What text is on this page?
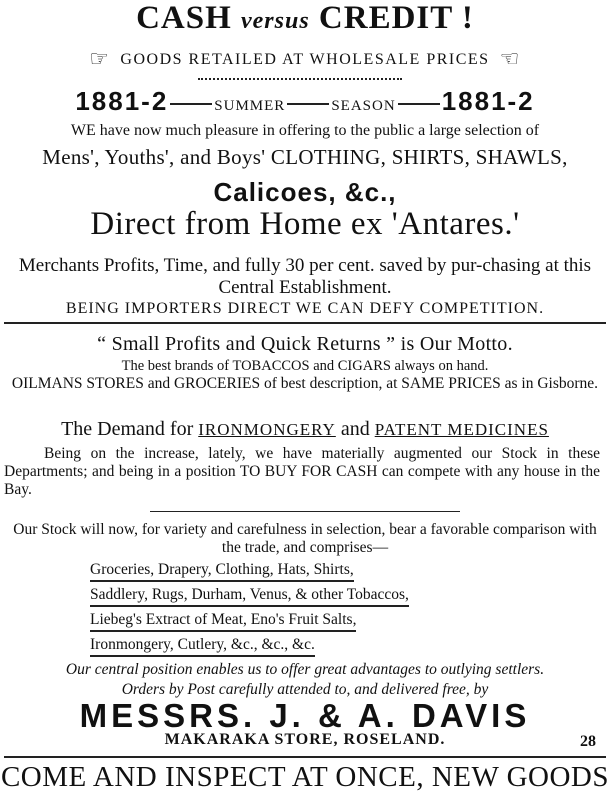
CASH versus CREDIT !
☞ GOODS RETAILED AT WHOLESALE PRICES ☜
1881-2	SUMMER	SEASON 1881-2
WE have now much pleasure in offering to the public a large selection of
Mens', Youths', and Boys' CLOTHING, SHIRTS, SHAWLS,
Calicoes, &c.,
Direct from Home ex 'Antares.'
Merchants Profits, Time, and fully 30 per cent. saved by pur-chasing at this Central Establishment.
BEING IMPORTERS DIRECT WE CAN DEFY COMPETITION.
“ Small Profits and Quick Returns ” is Our Motto.
The best brands of TOBACCOS and CIGARS always on hand.
OILMANS STORES and GROCERIES of best description, at SAME PRICES as in Gisborne.
The Demand for IRONMONGERY and PATENT MEDICINES
Being on the increase, lately, we have materially augmented our Stock in these Departments; and being in a position TO BUY FOR CASH can compete with any house in the Bay.
Our Stock will now, for variety and carefulness in selection, bear a favorable comparison with the trade, and comprises—
Groceries, Drapery, Clothing, Hats, Shirts,
Saddlery, Rugs, Durham, Venus, & other Tobaccos,
Liebeg's Extract of Meat, Eno's Fruit Salts,
Ironmongery, Cutlery, &c., &c., &c.
Our central position enables us to offer great advantages to outlying settlers.
Orders by Post carefully attended to, and delivered free, by
MESSRS. J. & A. DAVIS
MAKARAKA STORE, ROSELAND.	28
COME AND INSPECT AT ONCE, NEW GOODS
